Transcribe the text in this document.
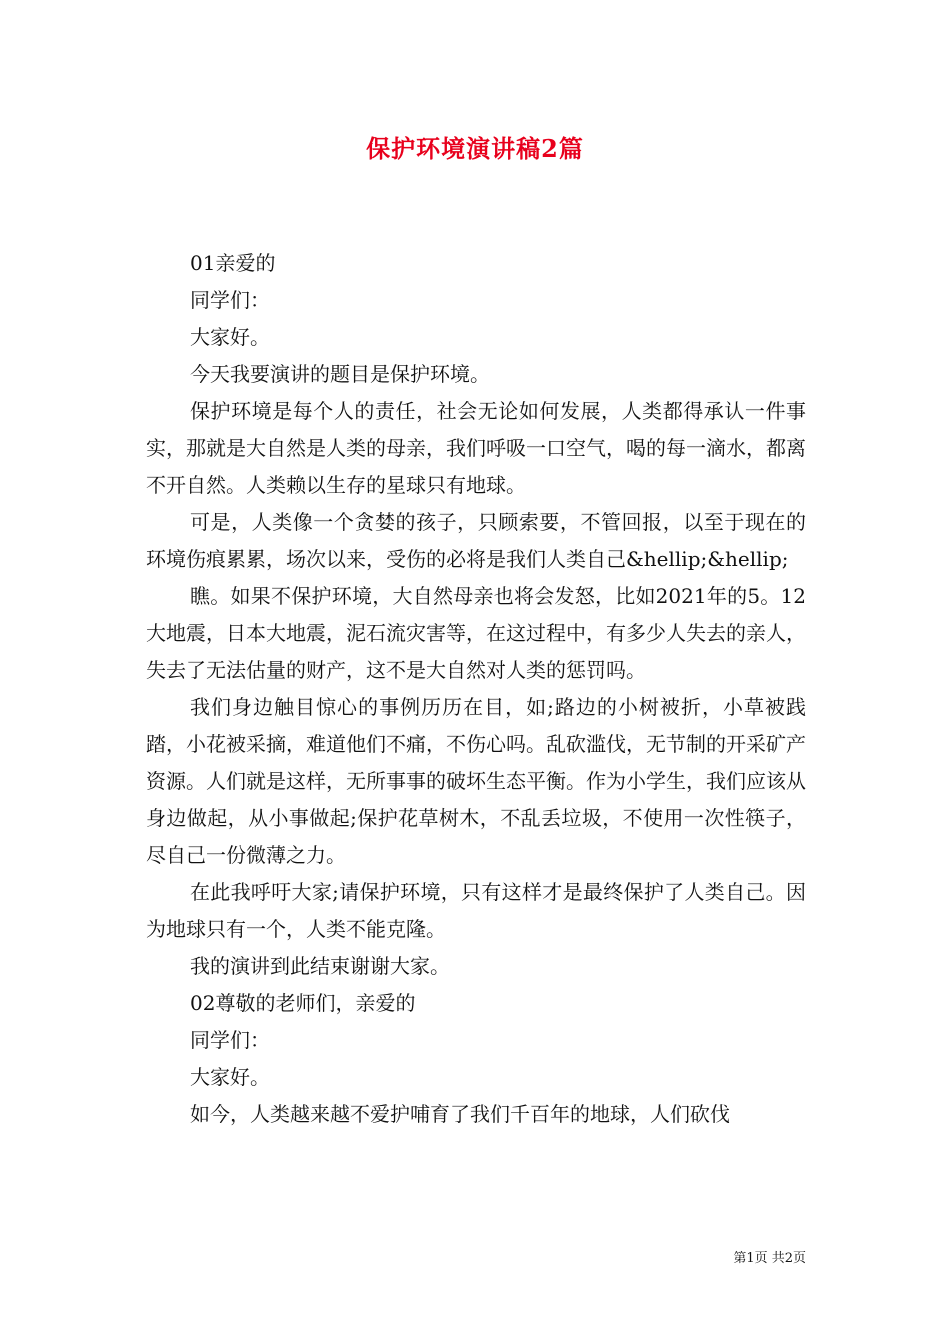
保护环境演讲稿2篇

01亲爱的

同学们：

大家好。

今天我要演讲的题目是保护环境。

保护环境是每个人的责任，社会无论如何发展，人类都得承认一件事实，那就是大自然是人类的母亲，我们呼吸一口空气，喝的每一滴水，都离不开自然。人类赖以生存的星球只有地球。

可是，人类像一个贪婪的孩子，只顾索要，不管回报，以至于现在的环境伤痕累累，场次以来，受伤的必将是我们人类自己&hellip;&hellip;

瞧。如果不保护环境，大自然母亲也将会发怒，比如2021年的5。12大地震，日本大地震，泥石流灾害等，在这过程中，有多少人失去的亲人，失去了无法估量的财产，这不是大自然对人类的惩罚吗。

我们身边触目惊心的事例历历在目，如;路边的小树被折，小草被践踏，小花被采摘，难道他们不痛，不伤心吗。乱砍滥伐，无节制的开采矿产资源。人们就是这样，无所事事的破坏生态平衡。作为小学生，我们应该从身边做起，从小事做起;保护花草树木，不乱丢垃圾，不使用一次性筷子，尽自己一份微薄之力。

在此我呼吁大家;请保护环境，只有这样才是最终保护了人类自己。因为地球只有一个，人类不能克隆。

我的演讲到此结束谢谢大家。

02尊敬的老师们，亲爱的

同学们：

大家好。

如今，人类越来越不爱护哺育了我们千百年的地球，人们砍伐

第1页 共2页
